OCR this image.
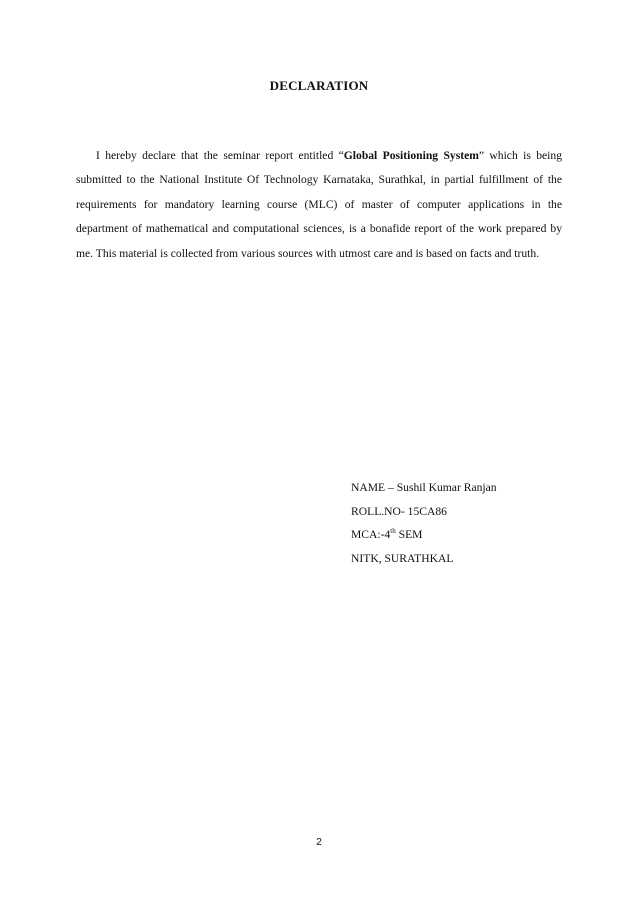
DECLARATION
I hereby declare that the seminar report entitled “Global Positioning System” which is being submitted to the National Institute Of Technology Karnataka, Surathkal, in partial fulfillment of the requirements for mandatory learning course (MLC) of master of computer applications in the department of mathematical and computational sciences, is a bonafide report of the work prepared by me. This material is collected from various sources with utmost care and is based on facts and truth.
NAME – Sushil Kumar Ranjan
ROLL.NO- 15CA86
MCA:-4th SEM
NITK, SURATHKAL
2
